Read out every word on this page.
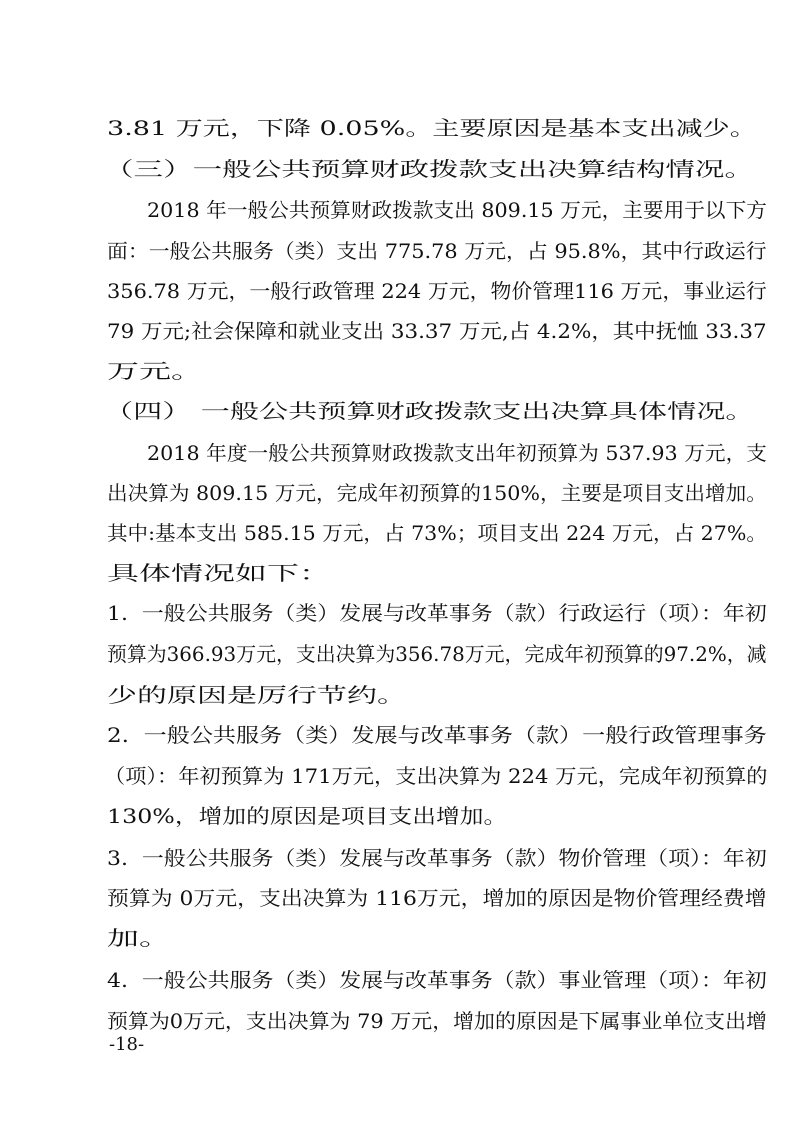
3.81 万元，下降 0.05%。主要原因是基本支出减少。
（三）一般公共预算财政拨款支出决算结构情况。
2018 年一般公共预算财政拨款支出 809.15 万元，主要用于以下方
面：一般公共服务（类）支出 775.78 万元，占 95.8%，其中行政运行
356.78 万元，一般行政管理 224 万元，物价管理116 万元，事业运行
79 万元;社会保障和就业支出 33.37 万元,占 4.2%，其中抚恤 33.37
万元。
（四） 一般公共预算财政拨款支出决算具体情况。
2018 年度一般公共预算财政拨款支出年初预算为 537.93 万元，支
出决算为 809.15 万元，完成年初预算的150%，主要是项目支出增加。
其中:基本支出 585.15 万元，占 73%；项目支出 224 万元，占 27%。
具体情况如下：
1.  一般公共服务（类）发展与改革事务（款）行政运行（项）：年初
预算为366.93万元，支出决算为356.78万元，完成年初预算的97.2%，减
少的原因是厉行节约。
2.  一般公共服务（类）发展与改革事务（款）一般行政管理事务
（项）：年初预算为 171万元，支出决算为 224 万元，完成年初预算的
130%，增加的原因是项目支出增加。
3.  一般公共服务（类）发展与改革事务（款）物价管理（项）：年初
预算为 0万元，支出决算为 116万元，增加的原因是物价管理经费增
加。
4.  一般公共服务（类）发展与改革事务（款）事业管理（项）：年初
预算为0万元，支出决算为 79 万元，增加的原因是下属事业单位支出增
-18-
